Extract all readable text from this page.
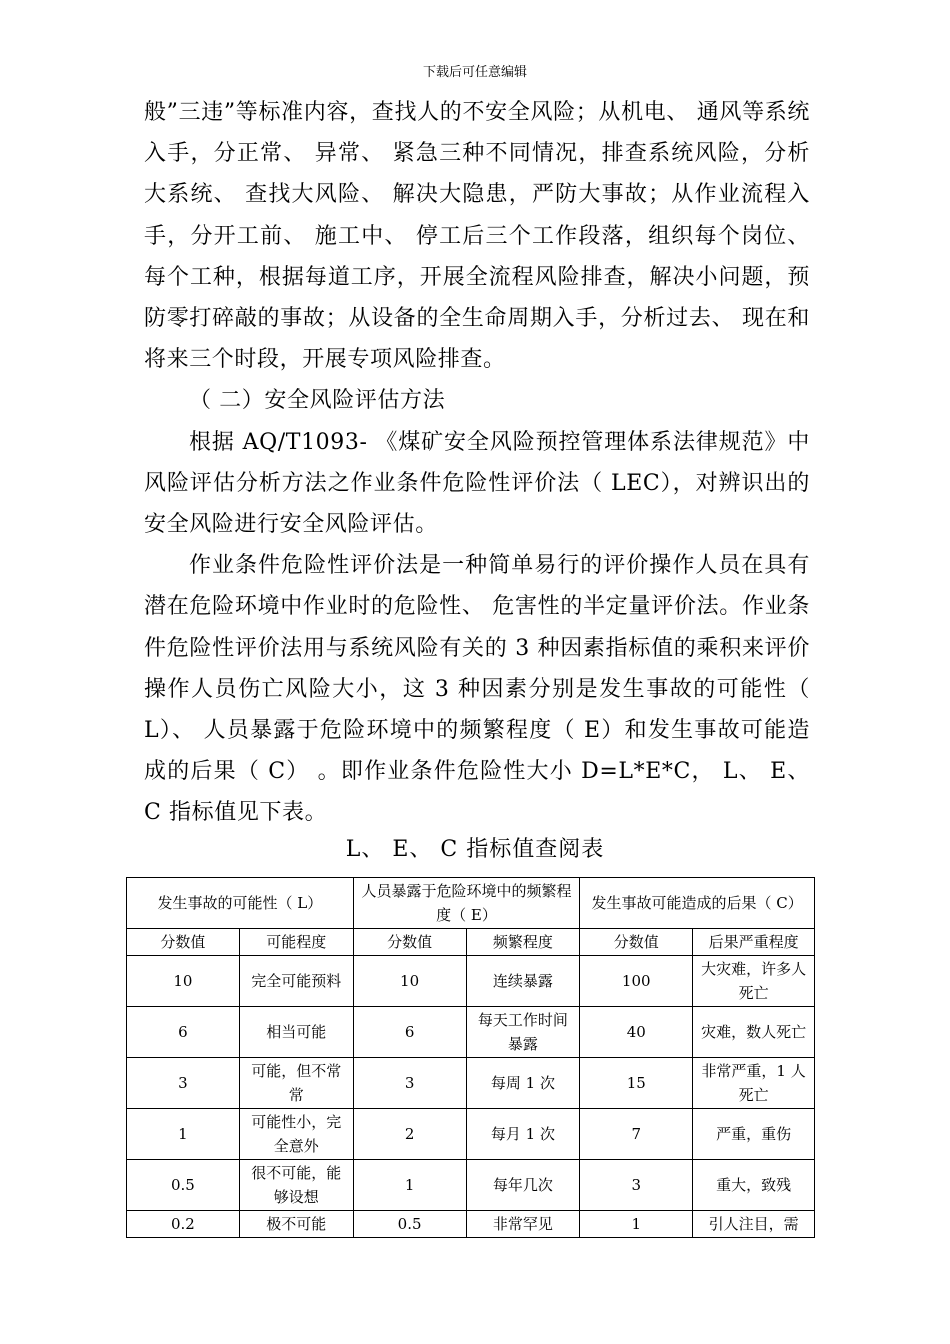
下载后可任意编辑

般”三违”等标准内容，查找人的不安全风险；从机电、 通风等系统入手，分正常、 异常、 紧急三种不同情况，排查系统风险，分析大系统、 查找大风险、 解决大隐患，严防大事故；从作业流程入手，分开工前、 施工中、 停工后三个工作段落，组织每个岗位、 每个工种，根据每道工序，开展全流程风险排查，解决小问题，预防零打碎敲的事故；从设备的全生命周期入手，分析过去、 现在和将来三个时段，开展专项风险排查。

（ 二）安全风险评估方法

根据 AQ/T1093- 《煤矿安全风险预控管理体系法律规范》中风险评估分析方法之作业条件危险性评价法（ LEC），对辨识出的安全风险进行安全风险评估。

作业条件危险性评价法是一种简单易行的评价操作人员在具有潜在危险环境中作业时的危险性、 危害性的半定量评价法。作业条件危险性评价法用与系统风险有关的 3 种因素指标值的乘积来评价操作人员伤亡风险大小，这 3 种因素分别是发生事故的可能性（ L）、 人员暴露于危险环境中的频繁程度（ E）和发生事故可能造成的后果（ C） 。即作业条件危险性大小 D=L*E*C， L、 E、 C 指标值见下表。

L、 E、 C 指标值查阅表
发生事故的可能性（ L）		人员暴露于危险环境中的频繁程度（ E）		发生事故可能造成的后果（ C）	
分数值	可能程度	分数值	频繁程度	分数值	后果严重程度
10	完全可能预料	10	连续暴露	100	大灾难，许多人死亡
6	相当可能	6	每天工作时间暴露	40	灾难，数人死亡
3	可能，但不常常	3	每周 1 次	15	非常严重，1 人死亡
1	可能性小，完全意外	2	每月 1 次	7	严重，重伤
0.5	很不可能，能够设想	1	每年几次	3	重大，致残
0.2	极不可能	0.5	非常罕见	1	引人注目，需
